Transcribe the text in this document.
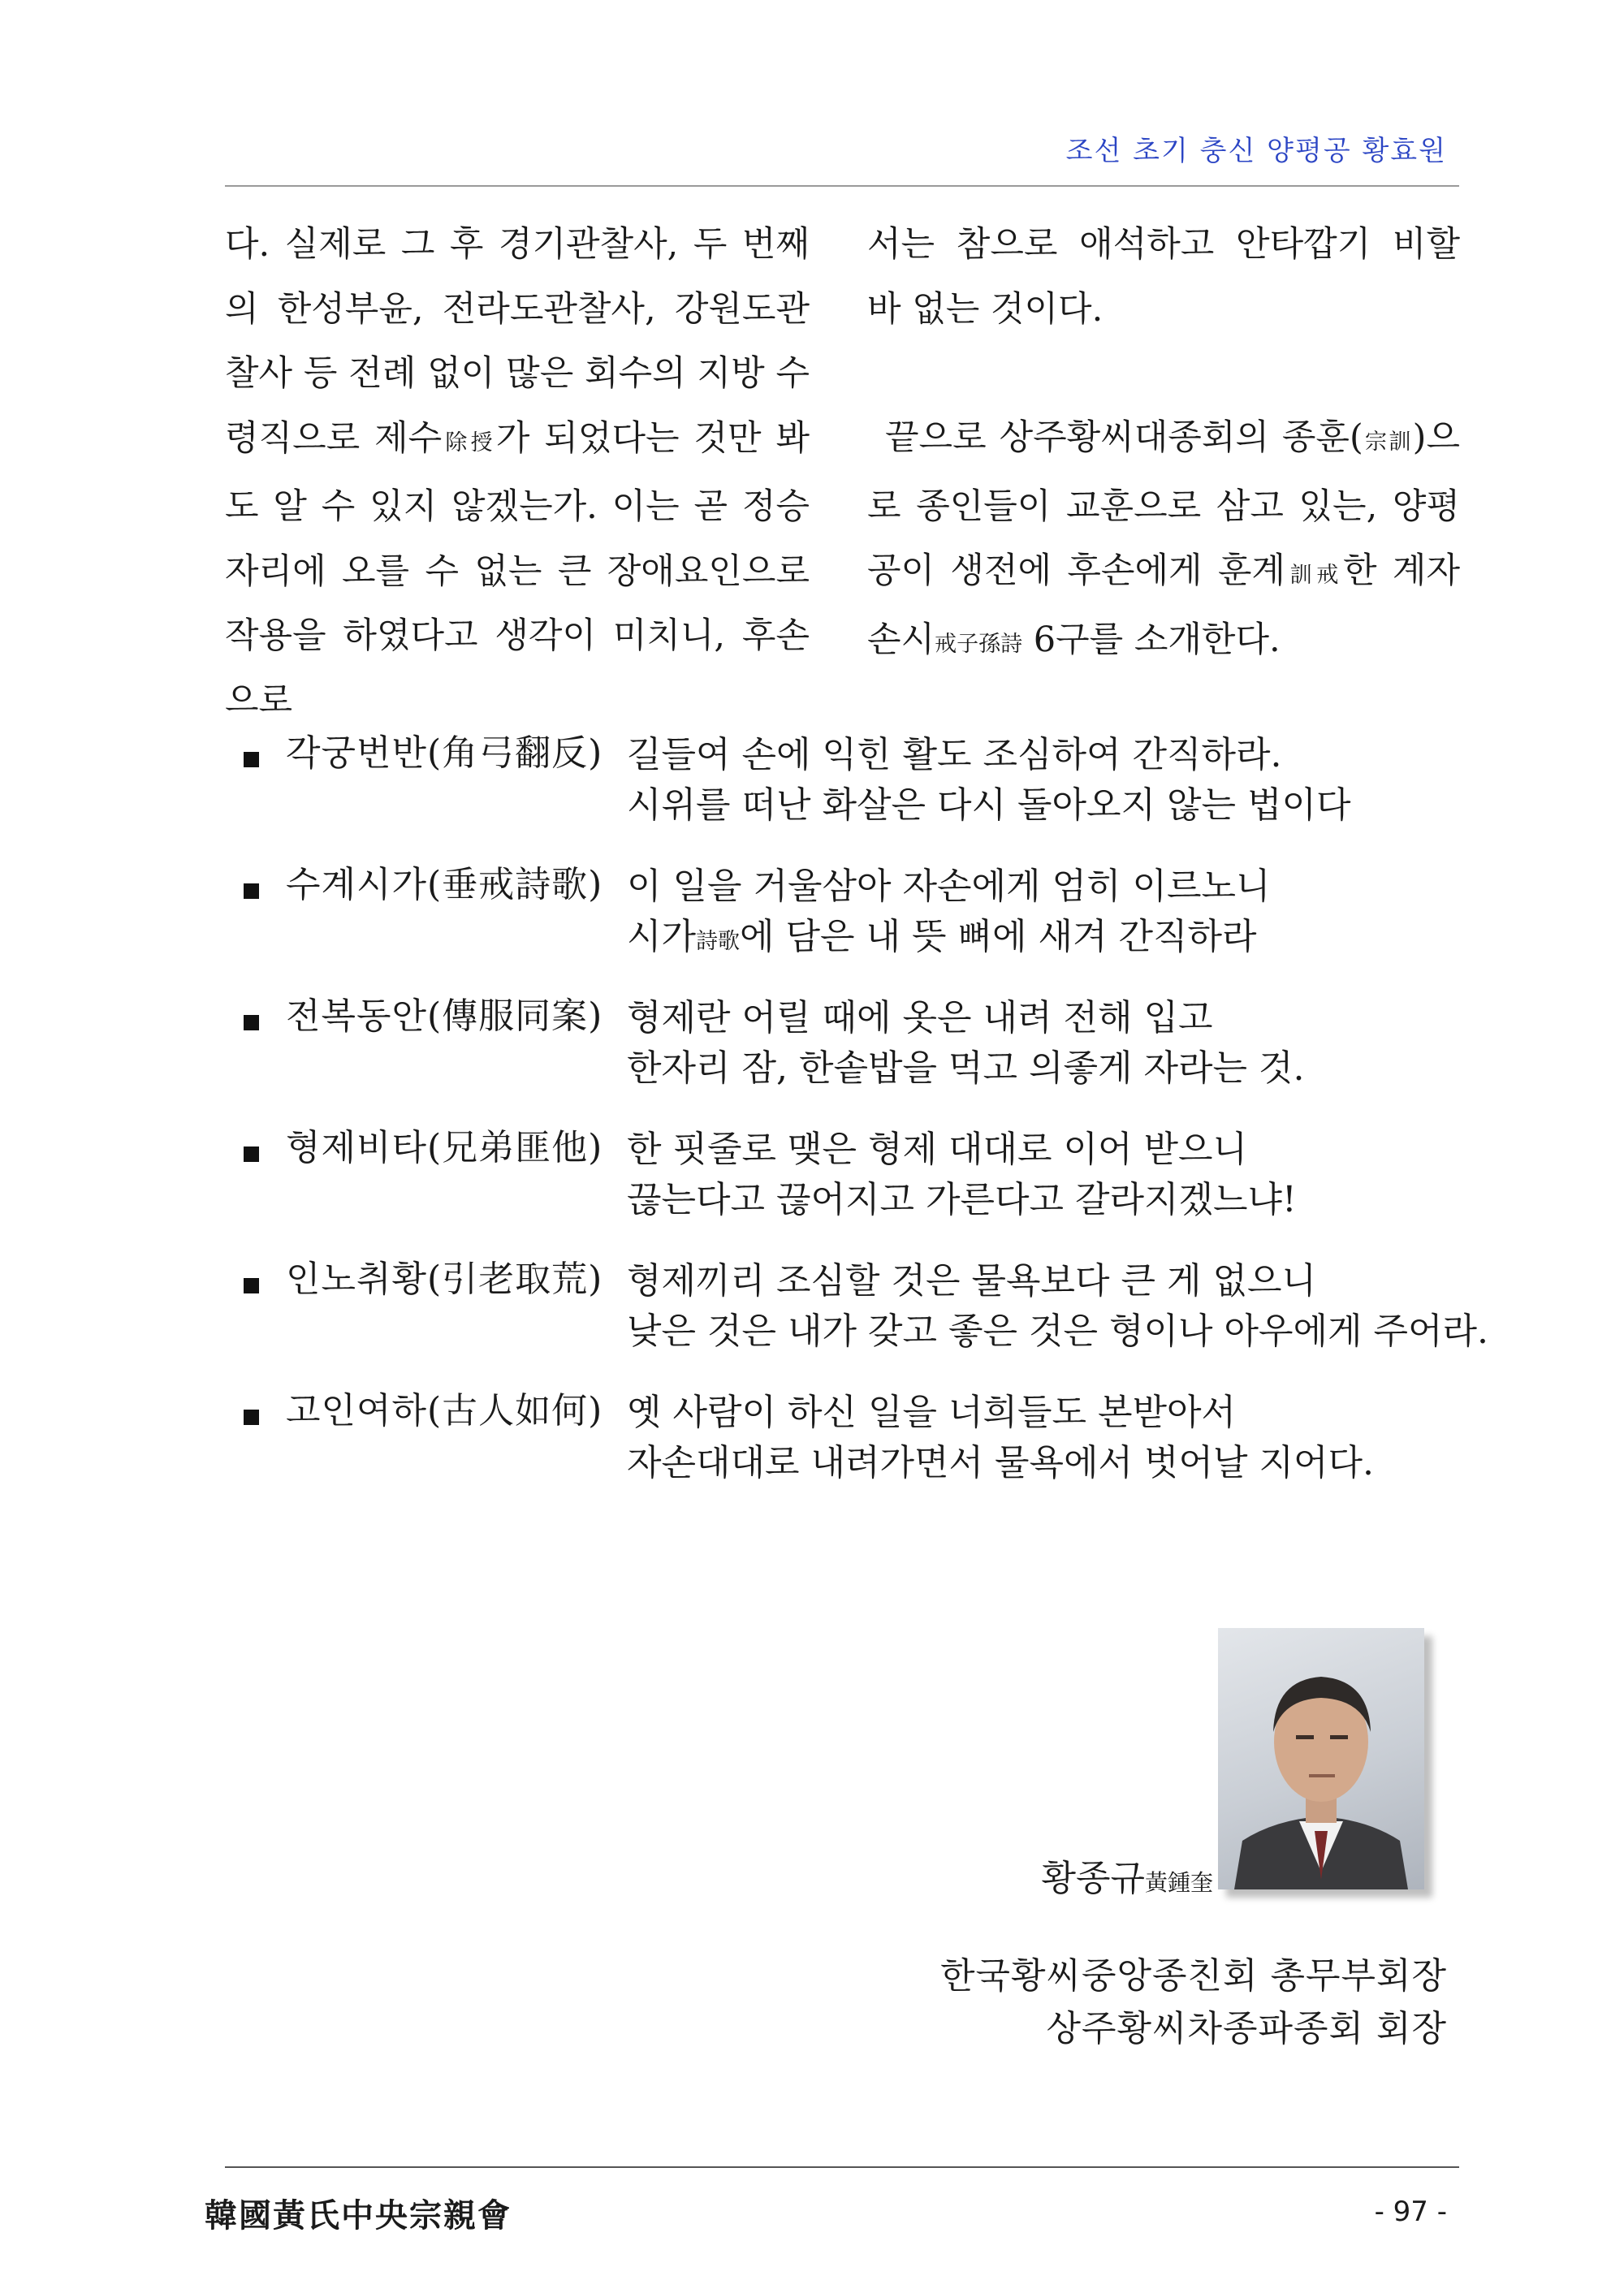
조선 초기 충신 양평공 황효원

다. 실제로 그 후 경기관찰사, 두 번째의 한성부윤, 전라도관찰사, 강원도관찰사 등 전례 없이 많은 회수의 지방 수령직으로 제수除授가 되었다는 것만 봐도 알 수 있지 않겠는가. 이는 곧 정승자리에 오를 수 없는 큰 장애요인으로 작용을 하였다고 생각이 미치니, 후손으로

서는 참으로 애석하고 안타깝기 비할 바 없는 것이다.

끝으로 상주황씨대종회의 종훈(宗訓)으로 종인들이 교훈으로 삼고 있는, 양평공이 생전에 후손에게 훈계訓戒한 계자손시戒子孫詩 6구를 소개한다.

각궁번반(角弓翻反) 길들여 손에 익힌 활도 조심하여 간직하라.
시위를 떠난 화살은 다시 돌아오지 않는 법이다
수계시가(垂戒詩歌) 이 일을 거울삼아 자손에게 엄히 이르노니
시가詩歌에 담은 내 뜻 뼈에 새겨 간직하라
전복동안(傳服同案) 형제란 어릴 때에 옷은 내려 전해 입고
한자리 잠, 한솥밥을 먹고 의좋게 자라는 것.
형제비타(兄弟匪他) 한 핏줄로 맺은 형제 대대로 이어 받으니
끊는다고 끊어지고 가른다고 갈라지겠느냐!
인노취황(引老取荒) 형제끼리 조심할 것은 물욕보다 큰 게 없으니
낮은 것은 내가 갖고 좋은 것은 형이나 아우에게 주어라.
고인여하(古人如何) 옛 사람이 하신 일을 너희들도 본받아서
자손대대로 내려가면서 물욕에서 벗어날 지어다.
황종규黃鍾奎
한국황씨중앙종친회 총무부회장
상주황씨차종파종회 회장
韓國黃氏中央宗親會	- 97 -
